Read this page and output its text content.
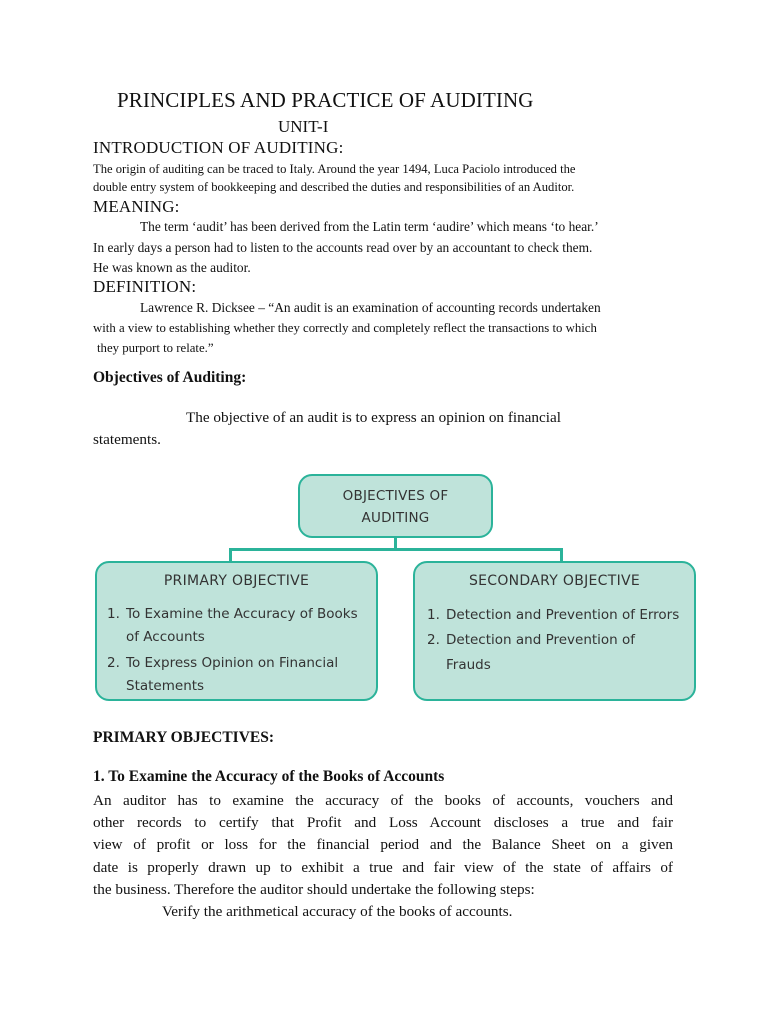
PRINCIPLES AND PRACTICE OF AUDITING
UNIT-I
INTRODUCTION OF AUDITING:
The origin of auditing can be traced to Italy. Around the year 1494, Luca Paciolo introduced the
double entry system of bookkeeping and described the duties and responsibilities of an Auditor.
MEANING:
The term ‘audit’ has been derived from the Latin term ‘audire’ which means ‘to hear.’
In early days a person had to listen to the accounts read over by an accountant to check them.
He was known as the auditor.
DEFINITION:
Lawrence R. Dicksee – “An audit is an examination of accounting records undertaken
with a view to establishing whether they correctly and completely reflect the transactions to which
they purport to relate.”
Objectives of Auditing:
The objective of an audit is to express an opinion on financial
statements.
OBJECTIVES OF
AUDITING
PRIMARY OBJECTIVE
1. To Examine the Accuracy of Books
of Accounts
2. To Express Opinion on Financial
Statements
SECONDARY OBJECTIVE
1. Detection and Prevention of Errors
2. Detection and Prevention of Frauds
PRIMARY OBJECTIVES:
1. To Examine the Accuracy of the Books of Accounts
An auditor has to examine the accuracy of the books of accounts, vouchers and
other records to certify that Profit and Loss Account discloses a true and fair
view of profit or loss for the financial period and the Balance Sheet on a given
date is properly drawn up to exhibit a true and fair view of the state of affairs of
the business. Therefore the auditor should undertake the following steps:
Verify the arithmetical accuracy of the books of accounts.
